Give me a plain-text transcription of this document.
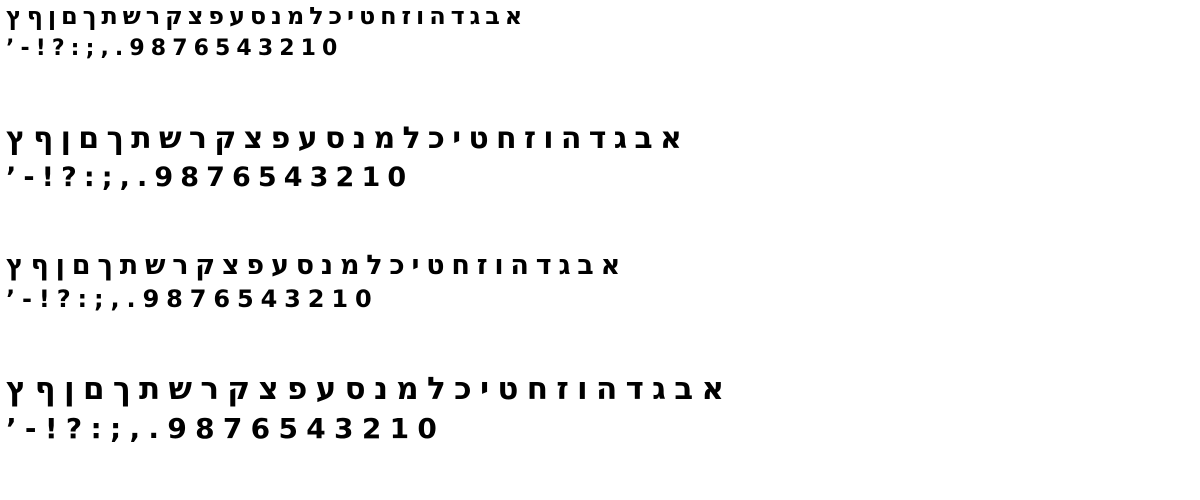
ץףןםךתשרקצפעסנמלכיטחזוהדגבא
’-!?:;,.9876543210
ץףןםךתשרקצפעסנמלכיטחזוהדגבא
’-!?:;,.9876543210
ץףןםךתשרקצפעסנמלכיטחזוהדגבא
’-!?:;,.9876543210
ץףןםךתשרקצפעסנמלכיטחזוהדגבא
’-!?:;,.9876543210
